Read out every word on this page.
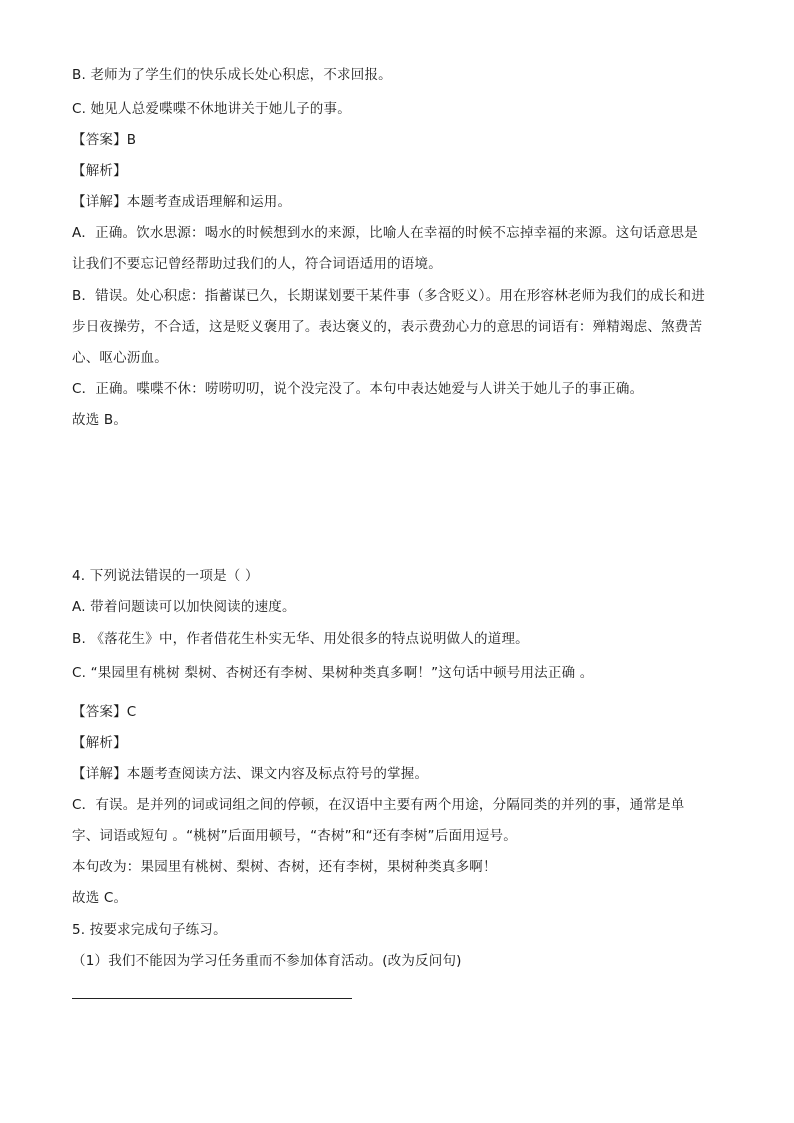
B. 老师为了学生们的快乐成长处心积虑，不求回报。
C. 她见人总爱喋喋不休地讲关于她儿子的事。
【答案】B
【解析】
【详解】本题考查成语理解和运用。
A．正确。饮水思源：喝水的时候想到水的来源，比喻人在幸福的时候不忘掉幸福的来源。这句话意思是
让我们不要忘记曾经帮助过我们的人，符合词语适用的语境。
B．错误。处心积虑：指蓄谋已久，长期谋划要干某件事（多含贬义）。用在形容林老师为我们的成长和进
步日夜操劳，不合适，这是贬义褒用了。表达褒义的，表示费劲心力的意思的词语有：殚精竭虑、煞费苦
心、呕心沥血。
C．正确。喋喋不休：唠唠叨叨，说个没完没了。本句中表达她爱与人讲关于她儿子的事正确。
故选 B。
4. 下列说法错误的一项是（ ）
A. 带着问题读可以加快阅读的速度。
B. 《落花生》中，作者借花生朴实无华、用处很多的特点说明做人的道理。
C. “果园里有桃树 梨树、杏树还有李树、果树种类真多啊！”这句话中顿号用法正确 。
【答案】C
【解析】
【详解】本题考查阅读方法、课文内容及标点符号的掌握。
C．有误。是并列的词或词组之间的停顿，在汉语中主要有两个用途，分隔同类的并列的事，通常是单
字、词语或短句 。“桃树”后面用顿号，“杏树”和“还有李树”后面用逗号。
本句改为：果园里有桃树、梨树、杏树，还有李树，果树种类真多啊！
故选 C。
5. 按要求完成句子练习。
（1）我们不能因为学习任务重而不参加体育活动。(改为反问句)
